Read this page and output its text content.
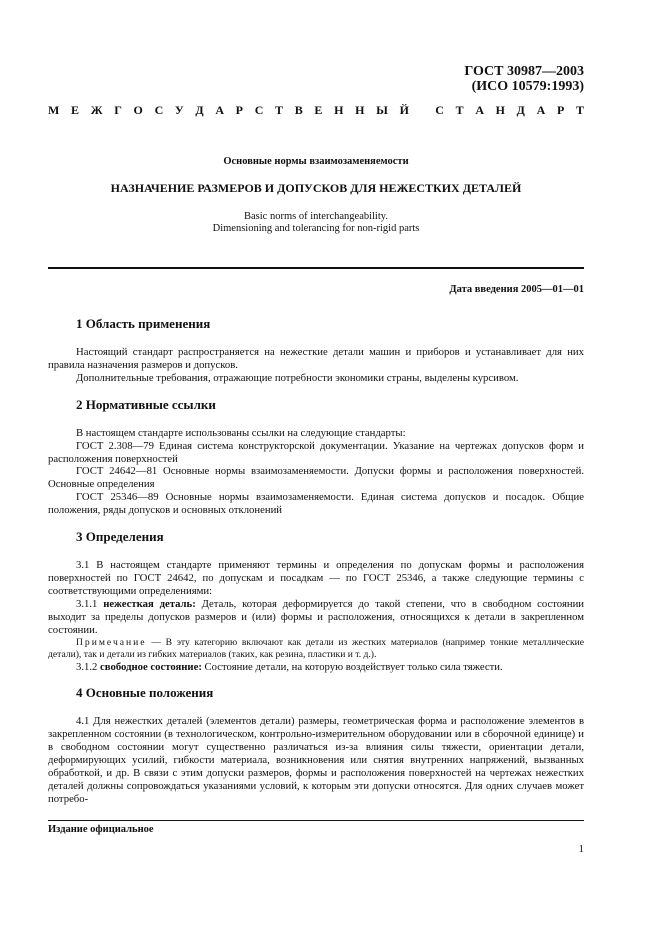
ГОСТ 30987—2003
(ИСО 10579:1993)
М Е Ж Г О С У Д А Р С Т В Е Н Н Ы Й
С Т А Н Д А Р Т
Основные нормы взаимозаменяемости
НАЗНАЧЕНИЕ РАЗМЕРОВ И ДОПУСКОВ ДЛЯ НЕЖЕСТКИХ ДЕТАЛЕЙ
Basic norms of interchangeability.
Dimensioning and tolerancing for non-rigid parts
Дата введения 2005—01—01
1 Область применения

Настоящий стандарт распространяется на нежесткие детали машин и приборов и устанавливает для них правила назначения размеров и допусков.

Дополнительные требования, отражающие потребности экономики страны, выделены курсивом.

2 Нормативные ссылки

В настоящем стандарте использованы ссылки на следующие стандарты:

ГОСТ 2.308—79 Единая система конструкторской документации. Указание на чертежах допусков форм и расположения поверхностей

ГОСТ 24642—81 Основные нормы взаимозаменяемости. Допуски формы и расположения поверхностей. Основные определения

ГОСТ 25346—89 Основные нормы взаимозаменяемости. Единая система допусков и посадок. Общие положения, ряды допусков и основных отклонений

3 Определения

3.1 В настоящем стандарте применяют термины и определения по допускам формы и расположения поверхностей по ГОСТ 24642, по допускам и посадкам — по ГОСТ 25346, а также следующие термины с соответствующими определениями:

3.1.1 нежесткая деталь: Деталь, которая деформируется до такой степени, что в свободном состоянии выходит за пределы допусков размеров и (или) формы и расположения, относящихся к детали в закрепленном состоянии.

Примечание — В эту категорию включают как детали из жестких материалов (например тонкие металлические детали), так и детали из гибких материалов (таких, как резина, пластики и т. д.).

3.1.2 свободное состояние: Состояние детали, на которую воздействует только сила тяжести.

4 Основные положения

4.1 Для нежестких деталей (элементов детали) размеры, геометрическая форма и расположение элементов в закрепленном состоянии (в технологическом, контрольно-измерительном оборудовании или в сборочной единице) и в свободном состоянии могут существенно различаться из-за влияния силы тяжести, ориентации детали, деформирующих усилий, гибкости материала, возникновения или снятия внутренних напряжений, вызванных обработкой, и др. В связи с этим допуски размеров, формы и расположения поверхностей на чертежах нежестких деталей должны сопровождаться указаниями условий, к которым эти допуски относятся. Для одних случаев может потребо-

Издание официальное
1
